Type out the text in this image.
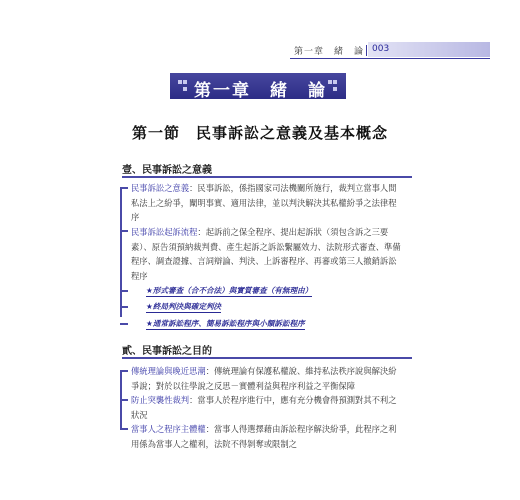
第一章　緒　論 003
第一章　緒　論
第一節　民事訴訟之意義及基本概念
壹、民事訴訟之意義
民事訴訟之意義：民事訴訟，係指國家司法機關所施行，裁判立當事人間私法上之紛爭，闡明事實、適用法律，並以判決解決其私權紛爭之法律程序
民事訴訟起訴流程：起訴前之保全程序、提出起訴狀（須包含訴之三要素）、原告須預納裁判費、產生起訴之訴訟繫屬效力、法院形式審查、準備程序、調查證據、言詞辯論、判決、上訴審程序、再審或第三人撤銷訴訟程序
★形式審查（合不合法）與實質審查（有無理由）
★終局判決與確定判決
★通常訴訟程序、簡易訴訟程序與小額訴訟程序
貳、民事訴訟之目的
傳統理論與晚近思潮：傳統理論有保護私權說、維持私法秩序說與解決紛爭說；對於以往學說之反思－實體利益與程序利益之平衡保障
防止突襲性裁判：當事人於程序進行中，應有充分機會得預測對其不利之狀況
當事人之程序主體權：當事人得選擇藉由訴訟程序解決紛爭，此程序之利用係為當事人之權利，法院不得剝奪或限制之
